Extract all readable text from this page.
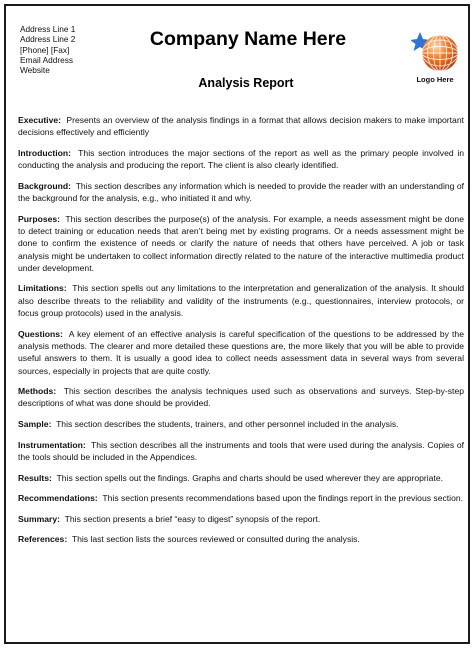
Address Line 1
Address Line 2
[Phone] [Fax]
Email Address
Website
Company Name Here
Analysis Report	Logo Here

Executive: Presents an overview of the analysis findings in a format that allows decision makers to make important decisions effectively and efficiently

Introduction: This section introduces the major sections of the report as well as the primary people involved in conducting the analysis and producing the report. The client is also clearly identified.

Background: This section describes any information which is needed to provide the reader with an understanding of the background for the analysis, e.g., who initiated it and why.

Purposes: This section describes the purpose(s) of the analysis. For example, a needs assessment might be done to detect training or education needs that aren’t being met by existing programs. Or a needs assessment might be done to confirm the existence of needs or clarify the nature of needs that others have perceived. A job or task analysis might be undertaken to collect information directly related to the nature of the interactive multimedia product under development.

Limitations: This section spells out any limitations to the interpretation and generalization of the analysis. It should also describe threats to the reliability and validity of the instruments (e.g., questionnaires, interview protocols, or focus group protocols) used in the analysis.

Questions: A key element of an effective analysis is careful specification of the questions to be addressed by the analysis methods. The clearer and more detailed these questions are, the more likely that you will be able to provide useful answers to them. It is usually a good idea to collect needs assessment data in several ways from several sources, especially in projects that are quite costly.

Methods: This section describes the analysis techniques used such as observations and surveys. Step-by-step descriptions of what was done should be provided.

Sample: This section describes the students, trainers, and other personnel included in the analysis.

Instrumentation: This section describes all the instruments and tools that were used during the analysis. Copies of the tools should be included in the Appendices.

Results: This section spells out the findings. Graphs and charts should be used wherever they are appropriate.

Recommendations: This section presents recommendations based upon the findings report in the previous section.

Summary: This section presents a brief “easy to digest” synopsis of the report.

References: This last section lists the sources reviewed or consulted during the analysis.
